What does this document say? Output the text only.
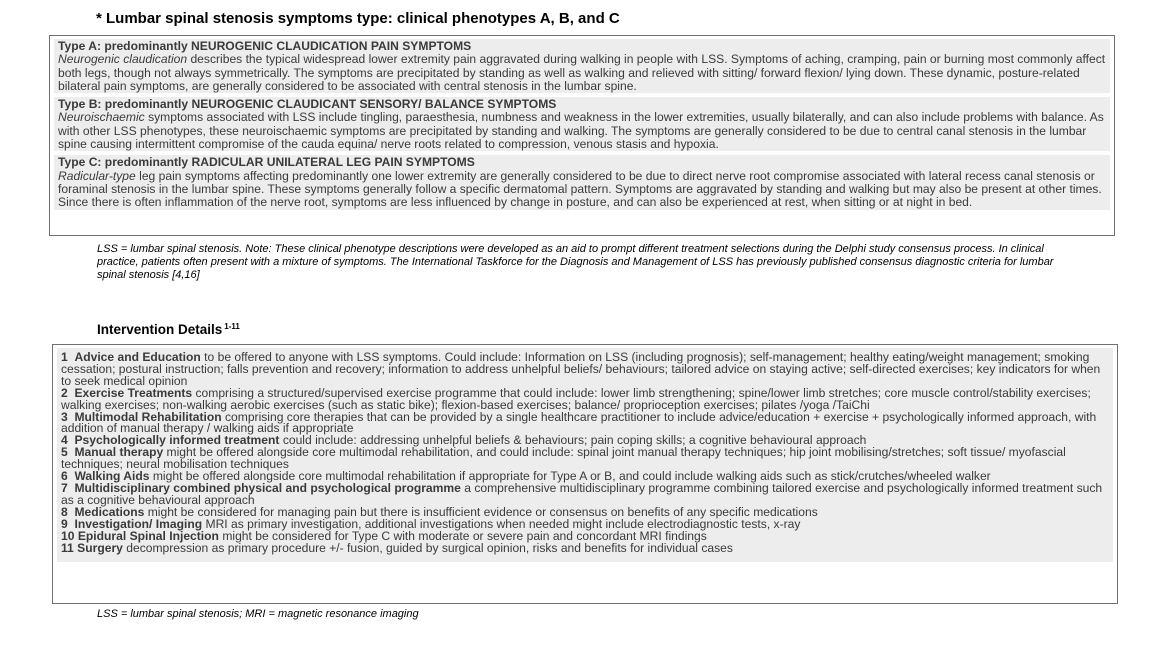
* Lumbar spinal stenosis symptoms type: clinical phenotypes A, B, and C
Type A: predominantly NEUROGENIC CLAUDICATION PAIN SYMPTOMS
Neurogenic claudication describes the typical widespread lower extremity pain aggravated during walking in people with LSS. Symptoms of aching, cramping, pain or burning most commonly affect both legs, though not always symmetrically. The symptoms are precipitated by standing as well as walking and relieved with sitting/ forward flexion/ lying down. These dynamic, posture-related bilateral pain symptoms, are generally considered to be associated with central stenosis in the lumbar spine.
Type B: predominantly NEUROGENIC CLAUDICANT SENSORY/ BALANCE SYMPTOMS
Neuroischaemic symptoms associated with LSS include tingling, paraesthesia, numbness and weakness in the lower extremities, usually bilaterally, and can also include problems with balance. As with other LSS phenotypes, these neuroischaemic symptoms are precipitated by standing and walking. The symptoms are generally considered to be due to central canal stenosis in the lumbar spine causing intermittent compromise of the cauda equina/ nerve roots related to compression, venous stasis and hypoxia.
Type C: predominantly RADICULAR UNILATERAL LEG PAIN SYMPTOMS
Radicular-type leg pain symptoms affecting predominantly one lower extremity are generally considered to be due to direct nerve root compromise associated with lateral recess canal stenosis or foraminal stenosis in the lumbar spine. These symptoms generally follow a specific dermatomal pattern. Symptoms are aggravated by standing and walking but may also be present at other times. Since there is often inflammation of the nerve root, symptoms are less influenced by change in posture, and can also be experienced at rest, when sitting or at night in bed.
LSS = lumbar spinal stenosis. Note: These clinical phenotype descriptions were developed as an aid to prompt different treatment selections during the Delphi study consensus process. In clinical practice, patients often present with a mixture of symptoms. The International Taskforce for the Diagnosis and Management of LSS has previously published consensus diagnostic criteria for lumbar spinal stenosis [4,16]
Intervention Details $^{1-11}$
1 Advice and Education to be offered to anyone with LSS symptoms. Could include: Information on LSS (including prognosis); self-management; healthy eating/weight management; smoking cessation; postural instruction; falls prevention and recovery; information to address unhelpful beliefs/ behaviours; tailored advice on staying active; self-directed exercises; key indicators for when to seek medical opinion
2 Exercise Treatments comprising a structured/supervised exercise programme that could include: lower limb strengthening; spine/lower limb stretches; core muscle control/stability exercises; walking exercises; non-walking aerobic exercises (such as static bike); flexion-based exercises; balance/ proprioception exercises; pilates /yoga /TaiChi
3 Multimodal Rehabilitation comprising core therapies that can be provided by a single healthcare practitioner to include advice/education + exercise + psychologically informed approach, with addition of manual therapy / walking aids if appropriate
4 Psychologically informed treatment could include: addressing unhelpful beliefs & behaviours; pain coping skills; a cognitive behavioural approach
5 Manual therapy might be offered alongside core multimodal rehabilitation, and could include: spinal joint manual therapy techniques; hip joint mobilising/stretches; soft tissue/ myofascial techniques; neural mobilisation techniques
6 Walking Aids might be offered alongside core multimodal rehabilitation if appropriate for Type A or B, and could include walking aids such as stick/crutches/wheeled walker
7 Multidisciplinary combined physical and psychological programme a comprehensive multidisciplinary programme combining tailored exercise and psychologically informed treatment such as a cognitive behavioural approach
8 Medications might be considered for managing pain but there is insufficient evidence or consensus on benefits of any specific medications
9 Investigation/ Imaging MRI as primary investigation, additional investigations when needed might include electrodiagnostic tests, x-ray
10 Epidural Spinal Injection might be considered for Type C with moderate or severe pain and concordant MRI findings
11 Surgery decompression as primary procedure +/- fusion, guided by surgical opinion, risks and benefits for individual cases
LSS = lumbar spinal stenosis; MRI = magnetic resonance imaging
